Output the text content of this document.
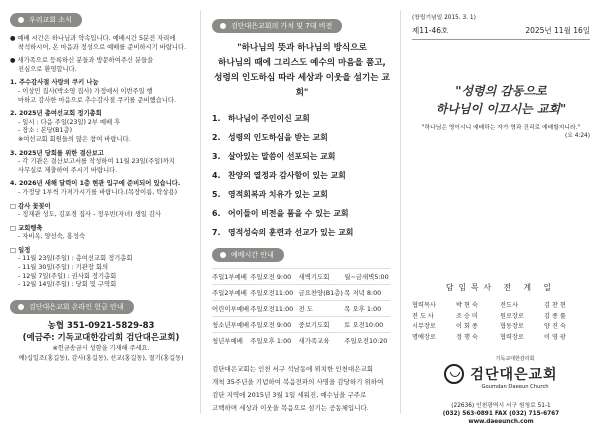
우리교회 소식
● 예배 시간은 하나님과 약속입니다. 예배시간 5분전 자리에
착석하시어, 온 마음과 정성으로 예배를 준비하시기 바랍니다.
● 새가족으로 등록하신 분들과 방문하여주신 분들을
진심으로 환영합니다.
1. 주수감사절 사랑의 쿠키 나눔
- 이상민 집사(박소영 집사) 가정에서 이번주일 행
마하고 감사한 마음으로 추수감사절 쿠키를 준비했습니다.
2. 2025년 총여선교회 정기총회
- 일시 : 다음 주일(23일) 2부 예배 후
- 장소 : 본당(B1층)
※여선교회 회원들의 많은 참여 바랍니다.
3. 2025년 당회를 위한 결산보고
- 각 기관은 결산보고서를 작성하여 11월 23일(주일)까지
사무실로 제출하여 주시기 바랍니다.
4. 2026년 새해 달력이 1층 현관 입구에 준비되어 있습니다.
- 가정당 1부씩 가져가시기를 바랍니다.(목장이름, 탁상용)
□ 감사 꽃꽂이
- 정재관 성도, 김포경 집사 - 정우빈(자녀) 생일 감사
□ 교회행축
- 자비옥, 양선숙, 홍성숙
□ 일정
- 11월 23일(주일) : 총여선교회 정기총회
- 11월 30일(주일) : 기관장 회의
- 12월 7일(주일) : 권사회 정기총회
- 12월 14일(주일) : 당회 및 구역회
검단대은교회 온라인 헌금 안내
농협 351-0921-5829-83
(예금주: 기독교대한감리회 검단대은교회)
※헌금송금시 성함을 기재해 주세요.
예)십일조(홍길동), 감사(홍길동), 선교(홍길동), 절기(홍길동)
검단대은교회의 가치 및 7대 비전
"하나님의 뜻과 하나님의 방식으로
하나님의 때에 그리스도 예수의 마음을 품고,
성령의 인도하심 따라 세상과 이웃을 섬기는 교회"
1. 하나님이 주인이신 교회
2. 성령의 인도하심을 받는 교회
3. 살아있는 말씀이 선포되는 교회
4. 찬양의 열정과 감사함이 있는 교회
5. 영적회복과 치유가 있는 교회
6. 어이들이 비전을 품을 수 있는 교회
7. 영적성숙의 훈련과 선교가 있는 교회
예배시간 안내
주일1부예배	주일오전 9:00	새벽기도회	월~금새벽5:00
주일2부예배	주일오전11:00	금요찬양(B1층)	목 저녁 8:00
어린이부예배	주일오전11:00	전 도	목 오후 1:00
청소년부예배	주일오전 9:00	중보기도회	토 오전10:00
청년부예배	주일오후 1:00	새가족교육	주일오전10:20
검단대은교회는 인천 서구 석남동에 위치한 인천대은교회
개척 35주년을 기념하여 복음전파의 사명을 감당하기 위하여
검단 지역에 2015년 3월 1일 세워진, 예수님을 구주로
고백하며 세상과 이웃을 복음으로 섬기는 공동체입니다.
(창립기념일 2015. 3. 1)
제11-46호	2025년 11월 16일
"성령의 감동으로
하나님이 이끄시는 교회"
"하나님은 영이시니 예배하는 자가 영과 진리로 예배할지니라."
(요 4:24)
담임목사 전 계 일
협력목사	박 현 숙	전도사	김 찬 현
전 도 사	조 승 미	원로장로	김 종 률
시무장로	이 회 종	협동장로	양 진 숙
명예장로	정 행 숙	협력장로	이 영 광
기독교대한감리회
검단대은교회
Goumdan Daeeun Church
(22636) 인천광역시 서구 원청로 51-1
(032) 563-0891 FAX (032) 715-6767
www.daeeunch.com
